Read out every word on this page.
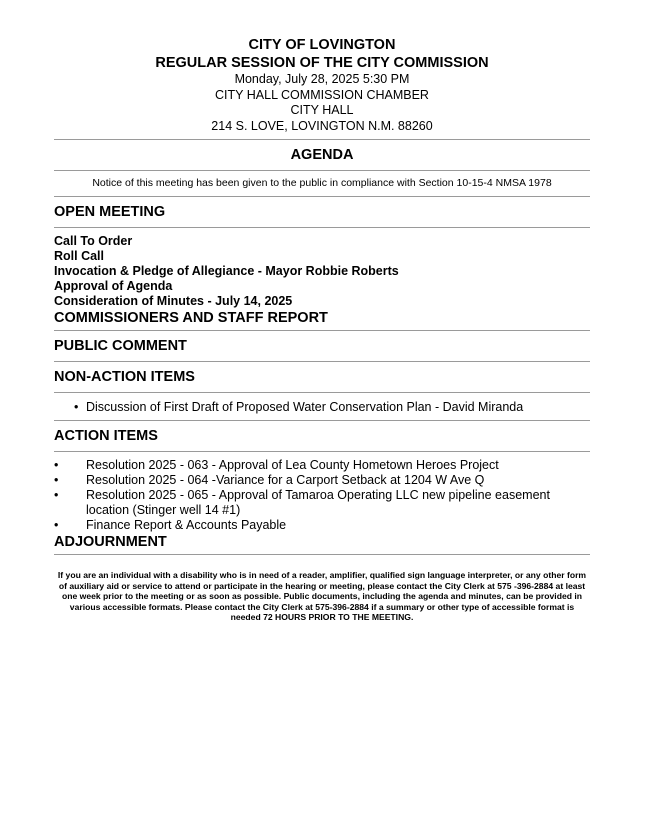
CITY OF LOVINGTON
REGULAR SESSION OF THE CITY COMMISSION
Monday, July 28, 2025 5:30 PM
CITY HALL COMMISSION CHAMBER
CITY HALL
214 S. LOVE, LOVINGTON N.M. 88260
AGENDA
Notice of this meeting has been given to the public in compliance with Section 10-15-4 NMSA 1978
OPEN MEETING
Call To Order
Roll Call
Invocation & Pledge of Allegiance - Mayor Robbie Roberts
Approval of Agenda
Consideration of Minutes - July 14, 2025
COMMISSIONERS AND STAFF REPORT
PUBLIC COMMENT
NON-ACTION ITEMS
• Discussion of First Draft of Proposed Water Conservation Plan - David Miranda
ACTION ITEMS
• Resolution 2025 - 063 - Approval of Lea County Hometown Heroes Project
• Resolution 2025 - 064 -Variance for a Carport Setback at 1204 W Ave Q
• Resolution 2025 - 065 - Approval of Tamaroa Operating LLC new pipeline easement location (Stinger well 14 #1)
• Finance Report & Accounts Payable
ADJOURNMENT
If you are an individual with a disability who is in need of a reader, amplifier, qualified sign language interpreter, or any other form of auxiliary aid or service to attend or participate in the hearing or meeting, please contact the City Clerk at 575 -396-2884 at least one week prior to the meeting or as soon as possible. Public documents, including the agenda and minutes, can be provided in various accessible formats. Please contact the City Clerk at 575-396-2884 if a summary or other type of accessible format is needed 72 HOURS PRIOR TO THE MEETING.
